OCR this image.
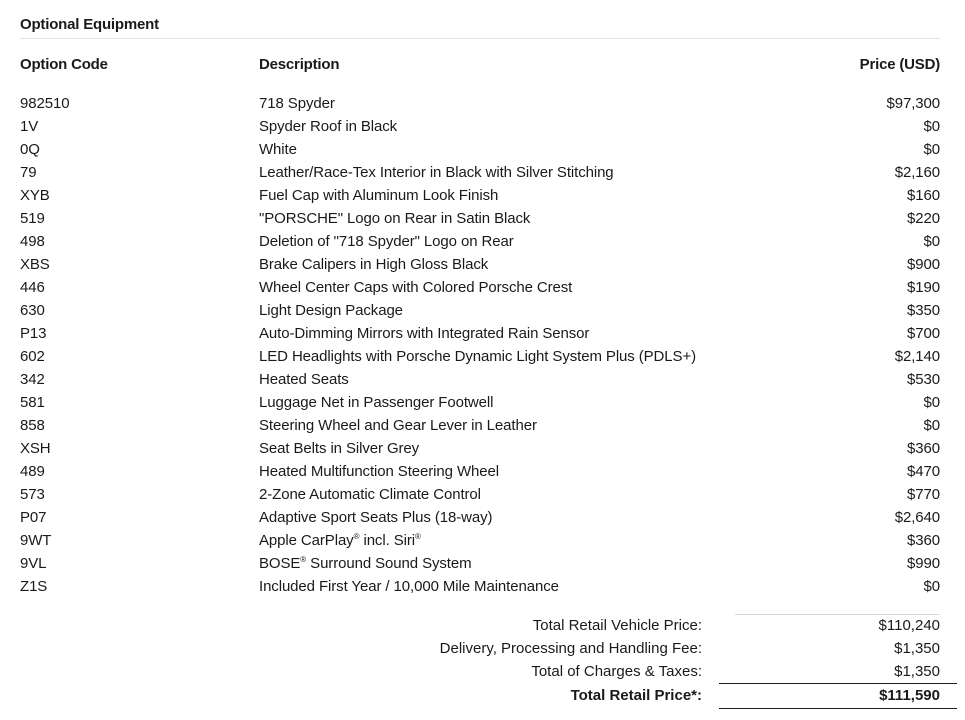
Optional Equipment
Option Code	Description	Price (USD)
982510	718 Spyder	$97,300
1V	Spyder Roof in Black	$0
0Q	White	$0
79	Leather/Race-Tex Interior in Black with Silver Stitching	$2,160
XYB	Fuel Cap with Aluminum Look Finish	$160
519	"PORSCHE" Logo on Rear in Satin Black	$220
498	Deletion of "718 Spyder" Logo on Rear	$0
XBS	Brake Calipers in High Gloss Black	$900
446	Wheel Center Caps with Colored Porsche Crest	$190
630	Light Design Package	$350
P13	Auto-Dimming Mirrors with Integrated Rain Sensor	$700
602	LED Headlights with Porsche Dynamic Light System Plus (PDLS+)	$2,140
342	Heated Seats	$530
581	Luggage Net in Passenger Footwell	$0
858	Steering Wheel and Gear Lever in Leather	$0
XSH	Seat Belts in Silver Grey	$360
489	Heated Multifunction Steering Wheel	$470
573	2-Zone Automatic Climate Control	$770
P07	Adaptive Sport Seats Plus (18-way)	$2,640
9WT	Apple CarPlay® incl. Siri®	$360
9VL	BOSE® Surround Sound System	$990
Z1S	Included First Year / 10,000 Mile Maintenance	$0
Total Retail Vehicle Price:	$110,240
Delivery, Processing and Handling Fee:	$1,350
Total of Charges & Taxes:	$1,350
Total Retail Price*:	$111,590
